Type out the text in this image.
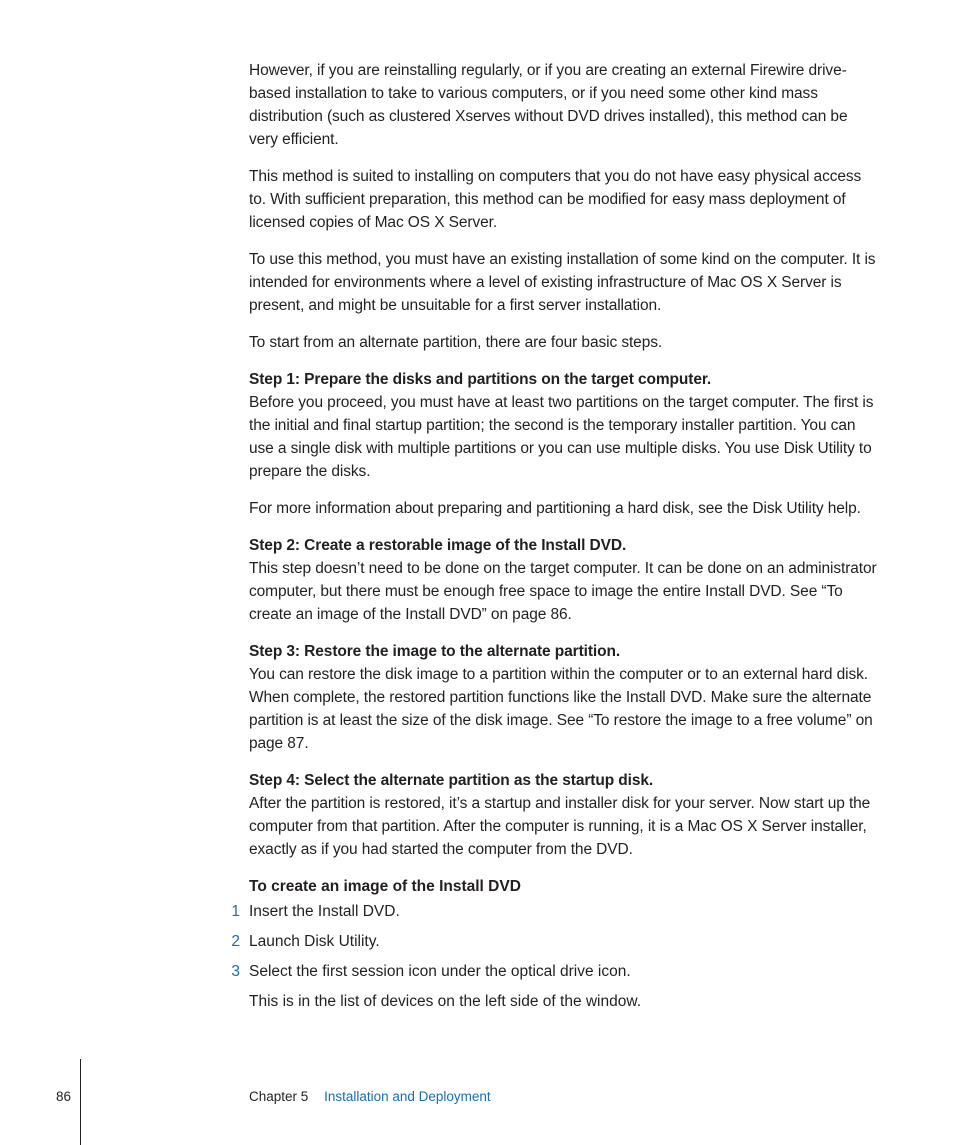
However, if you are reinstalling regularly, or if you are creating an external Firewire drive-based installation to take to various computers, or if you need some other kind mass distribution (such as clustered Xserves without DVD drives installed), this method can be very efficient.

This method is suited to installing on computers that you do not have easy physical access to. With sufficient preparation, this method can be modified for easy mass deployment of licensed copies of Mac OS X Server.

To use this method, you must have an existing installation of some kind on the computer. It is intended for environments where a level of existing infrastructure of Mac OS X Server is present, and might be unsuitable for a first server installation.

To start from an alternate partition, there are four basic steps.

Step 1: Prepare the disks and partitions on the target computer.

Before you proceed, you must have at least two partitions on the target computer. The first is the initial and final startup partition; the second is the temporary installer partition. You can use a single disk with multiple partitions or you can use multiple disks. You use Disk Utility to prepare the disks.

For more information about preparing and partitioning a hard disk, see the Disk Utility help.

Step 2: Create a restorable image of the Install DVD.

This step doesn’t need to be done on the target computer. It can be done on an administrator computer, but there must be enough free space to image the entire Install DVD. See “To create an image of the Install DVD” on page 86.

Step 3: Restore the image to the alternate partition.

You can restore the disk image to a partition within the computer or to an external hard disk. When complete, the restored partition functions like the Install DVD. Make sure the alternate partition is at least the size of the disk image. See “To restore the image to a free volume” on page 87.

Step 4: Select the alternate partition as the startup disk.

After the partition is restored, it’s a startup and installer disk for your server. Now start up the computer from that partition. After the computer is running, it is a Mac OS X Server installer, exactly as if you had started the computer from the DVD.

To create an image of the Install DVD

1 Insert the Install DVD.
2 Launch Disk Utility.
3 Select the first session icon under the optical drive icon.

This is in the list of devices on the left side of the window.

86	Chapter 5 Installation and Deployment
